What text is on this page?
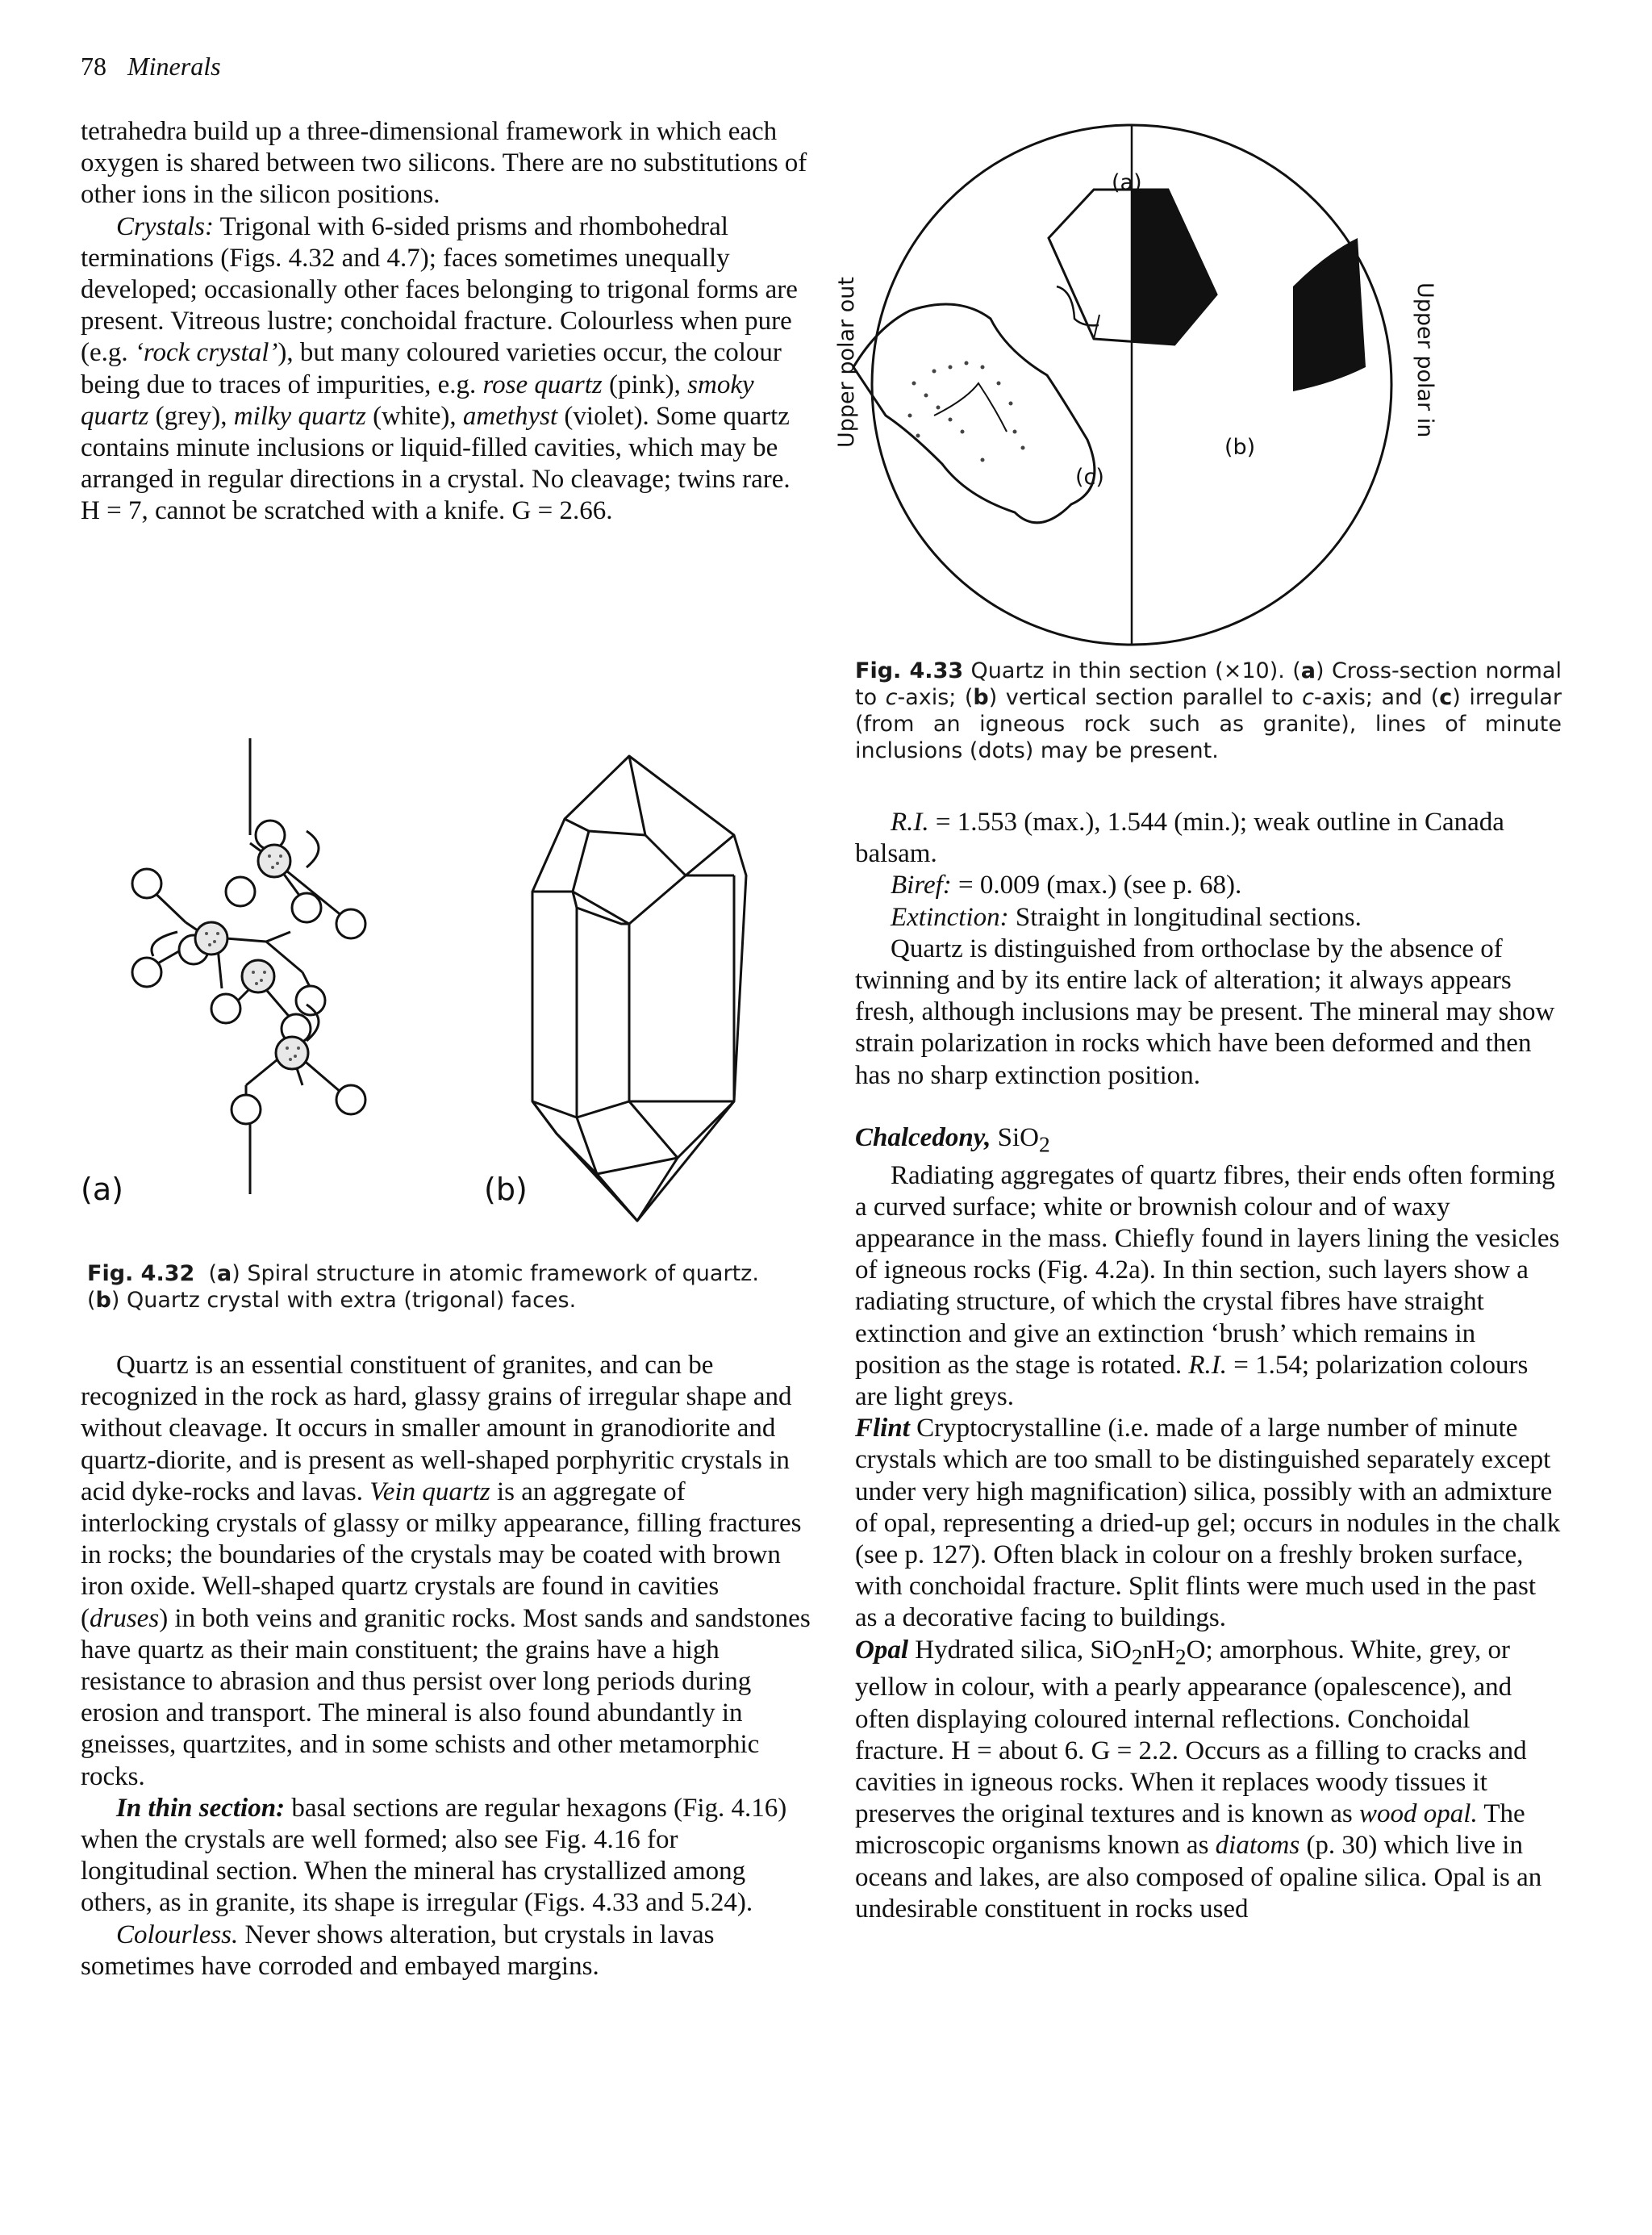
78 Minerals

tetrahedra build up a three-dimensional framework in which each oxygen is shared between two silicons. There are no substitutions of other ions in the silicon positions.

Crystals: Trigonal with 6-sided prisms and rhombohedral terminations (Figs. 4.32 and 4.7); faces sometimes unequally developed; occasionally other faces belonging to trigonal forms are present. Vitreous lustre; conchoidal fracture. Colourless when pure (e.g. ‘rock crystal’), but many coloured varieties occur, the colour being due to traces of impurities, e.g. rose quartz (pink), smoky quartz (grey), milky quartz (white), amethyst (violet). Some quartz contains minute inclusions or liquid-filled cavities, which may be arranged in regular directions in a crystal. No cleavage; twins rare. H = 7, cannot be scratched with a knife. G = 2.66.

(a)	(b)
Fig. 4.32  (a) Spiral structure in atomic framework of quartz.
(b) Quartz crystal with extra (trigonal) faces.

Quartz is an essential constituent of granites, and can be recognized in the rock as hard, glassy grains of irregular shape and without cleavage. It occurs in smaller amount in granodiorite and quartz-diorite, and is present as well-shaped porphyritic crystals in acid dyke-rocks and lavas. Vein quartz is an aggregate of interlocking crystals of glassy or milky appearance, filling fractures in rocks; the boundaries of the crystals may be coated with brown iron oxide. Well-shaped quartz crystals are found in cavities (druses) in both veins and granitic rocks. Most sands and sandstones have quartz as their main constituent; the grains have a high resistance to abrasion and thus persist over long periods during erosion and transport. The mineral is also found abundantly in gneisses, quartzites, and in some schists and other metamorphic rocks.

In thin section: basal sections are regular hexagons (Fig. 4.16) when the crystals are well formed; also see Fig. 4.16 for longitudinal section. When the mineral has crystallized among others, as in granite, its shape is irregular (Figs. 4.33 and 5.24).

Colourless. Never shows alteration, but crystals in lavas sometimes have corroded and embayed margins.

(a)
(b)
(c)
Upper polar out	Upper polar in
Fig. 4.33 Quartz in thin section (×10). (a) Cross-section normal to c-axis; (b) vertical section parallel to c-axis; and (c) irregular (from an igneous rock such as granite), lines of minute inclusions (dots) may be present.

R.I. = 1.553 (max.), 1.544 (min.); weak outline in Canada balsam.

Biref: = 0.009 (max.) (see p. 68).

Extinction: Straight in longitudinal sections.

Quartz is distinguished from orthoclase by the absence of twinning and by its entire lack of alteration; it always appears fresh, although inclusions may be present. The mineral may show strain polarization in rocks which have been deformed and then has no sharp extinction position.

Chalcedony, SiO$_2$

Radiating aggregates of quartz fibres, their ends often forming a curved surface; white or brownish colour and of waxy appearance in the mass. Chiefly found in layers lining the vesicles of igneous rocks (Fig. 4.2a). In thin section, such layers show a radiating structure, of which the crystal fibres have straight extinction and give an extinction ‘brush’ which remains in position as the stage is rotated. R.I. = 1.54; polarization colours are light greys.

Flint Cryptocrystalline (i.e. made of a large number of minute crystals which are too small to be distinguished separately except under very high magnification) silica, possibly with an admixture of opal, representing a dried-up gel; occurs in nodules in the chalk (see p. 127). Often black in colour on a freshly broken surface, with conchoidal fracture. Split flints were much used in the past as a decorative facing to buildings.

Opal Hydrated silica, $SiO_2nH_2O$; amorphous. White, grey, or yellow in colour, with a pearly appearance (opalescence), and often displaying coloured internal reflections. Conchoidal fracture. H = about 6. G = 2.2. Occurs as a filling to cracks and cavities in igneous rocks. When it replaces woody tissues it preserves the original textures and is known as wood opal. The microscopic organisms known as diatoms (p. 30) which live in oceans and lakes, are also composed of opaline silica. Opal is an undesirable constituent in rocks used
